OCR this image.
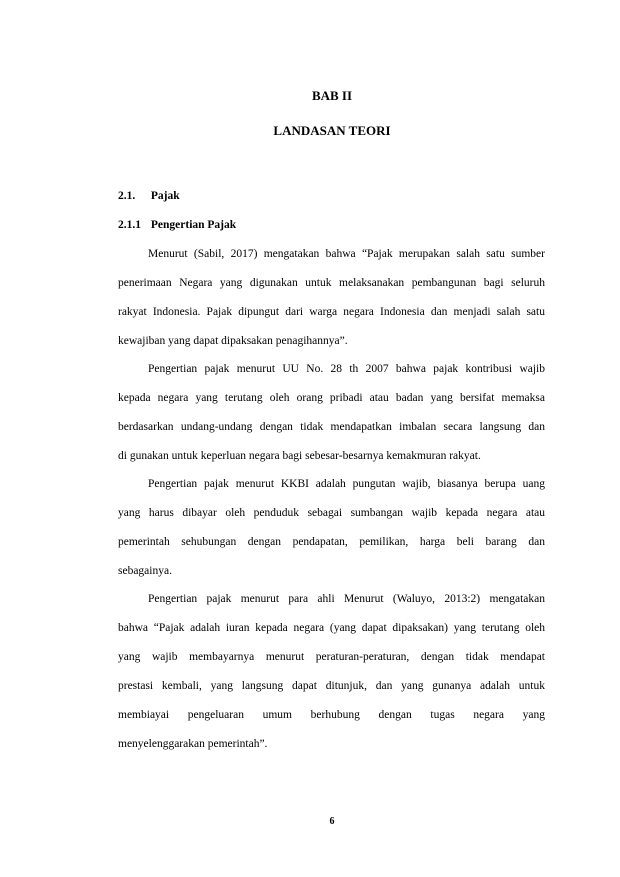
BAB II
LANDASAN TEORI
2.1. Pajak
2.1.1 Pengertian Pajak
Menurut (Sabil, 2017) mengatakan bahwa “Pajak merupakan salah satu sumber
penerimaan Negara yang digunakan untuk melaksanakan pembangunan bagi seluruh
rakyat Indonesia. Pajak dipungut dari warga negara Indonesia dan menjadi salah satu
kewajiban yang dapat dipaksakan penagihannya”.
Pengertian pajak menurut UU No. 28 th 2007 bahwa pajak kontribusi wajib
kepada negara yang terutang oleh orang pribadi atau badan yang bersifat memaksa
berdasarkan undang-undang dengan tidak mendapatkan imbalan secara langsung dan
di gunakan untuk keperluan negara bagi sebesar-besarnya kemakmuran rakyat.
Pengertian pajak menurut KKBI adalah pungutan wajib, biasanya berupa uang
yang harus dibayar oleh penduduk sebagai sumbangan wajib kepada negara atau
pemerintah sehubungan dengan pendapatan, pemilikan, harga beli barang dan
sebagainya.
Pengertian pajak menurut para ahli Menurut (Waluyo, 2013:2) mengatakan
bahwa “Pajak adalah iuran kepada negara (yang dapat dipaksakan) yang terutang oleh
yang wajib membayarnya menurut peraturan-peraturan, dengan tidak mendapat
prestasi kembali, yang langsung dapat ditunjuk, dan yang gunanya adalah untuk
membiayai pengeluaran umum berhubung dengan tugas negara yang
menyelenggarakan pemerintah”.
6
